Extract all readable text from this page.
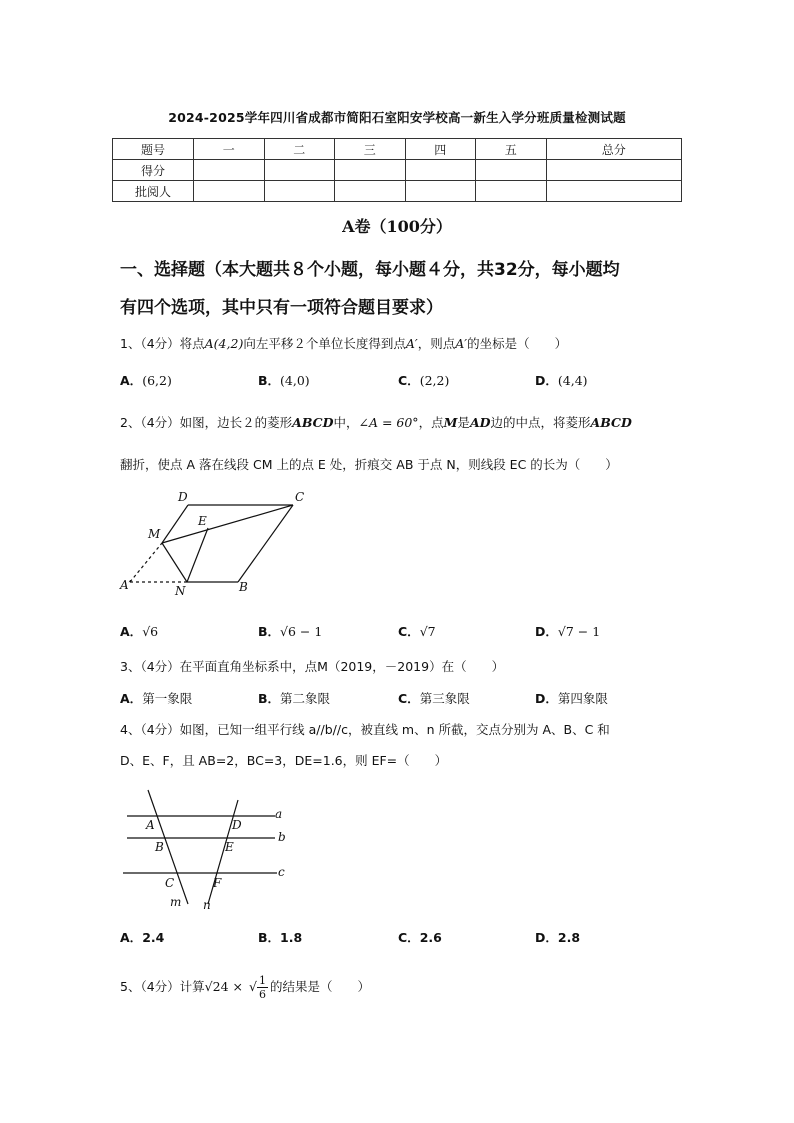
2024-2025学年四川省成都市简阳石室阳安学校高一新生入学分班质量检测试题
题号	一	二	三	四	五	总分
得分						
批阅人						
A卷（100分）
一、选择题（本大题共８个小题，每小题４分，共32分，每小题均
有四个选项，其中只有一项符合题目要求）
1、（4分）将点A(4,2)向左平移２个单位长度得到点A′，则点A′的坐标是（　　）
A．(6,2)	B．(4,0)	C．(2,2)	D．(4,4)
2、（4分）如图，边长２的菱形ABCD中，∠A = 60°，点M是AD边的中点，将菱形ABCD
翻折，使点 A 落在线段 CM 上的点 E 处，折痕交 AB 于点 N，则线段 EC 的长为（　　）
D	C
E
M
A′	N	B
A．√6	B．√6 − 1	C．√7	D．√7 − 1
3、（4分）在平面直角坐标系中，点M（2019，－2019）在（　　）
A．第一象限	B．第二象限	C．第三象限	D．第四象限
4、（4分）如图，已知一组平行线 a//b//c，被直线 m、n 所截，交点分别为 A、B、C 和
D、E、F，且 AB=2，BC=3，DE=1.6，则 EF=（　　）
a
b
c
A
B
C
D
E
F
m n
A．2.4	B．1.8	C．2.6	D．2.8
5、（4分）计算√24 × √ $\frac{1}{6}$ 的结果是（　　）
